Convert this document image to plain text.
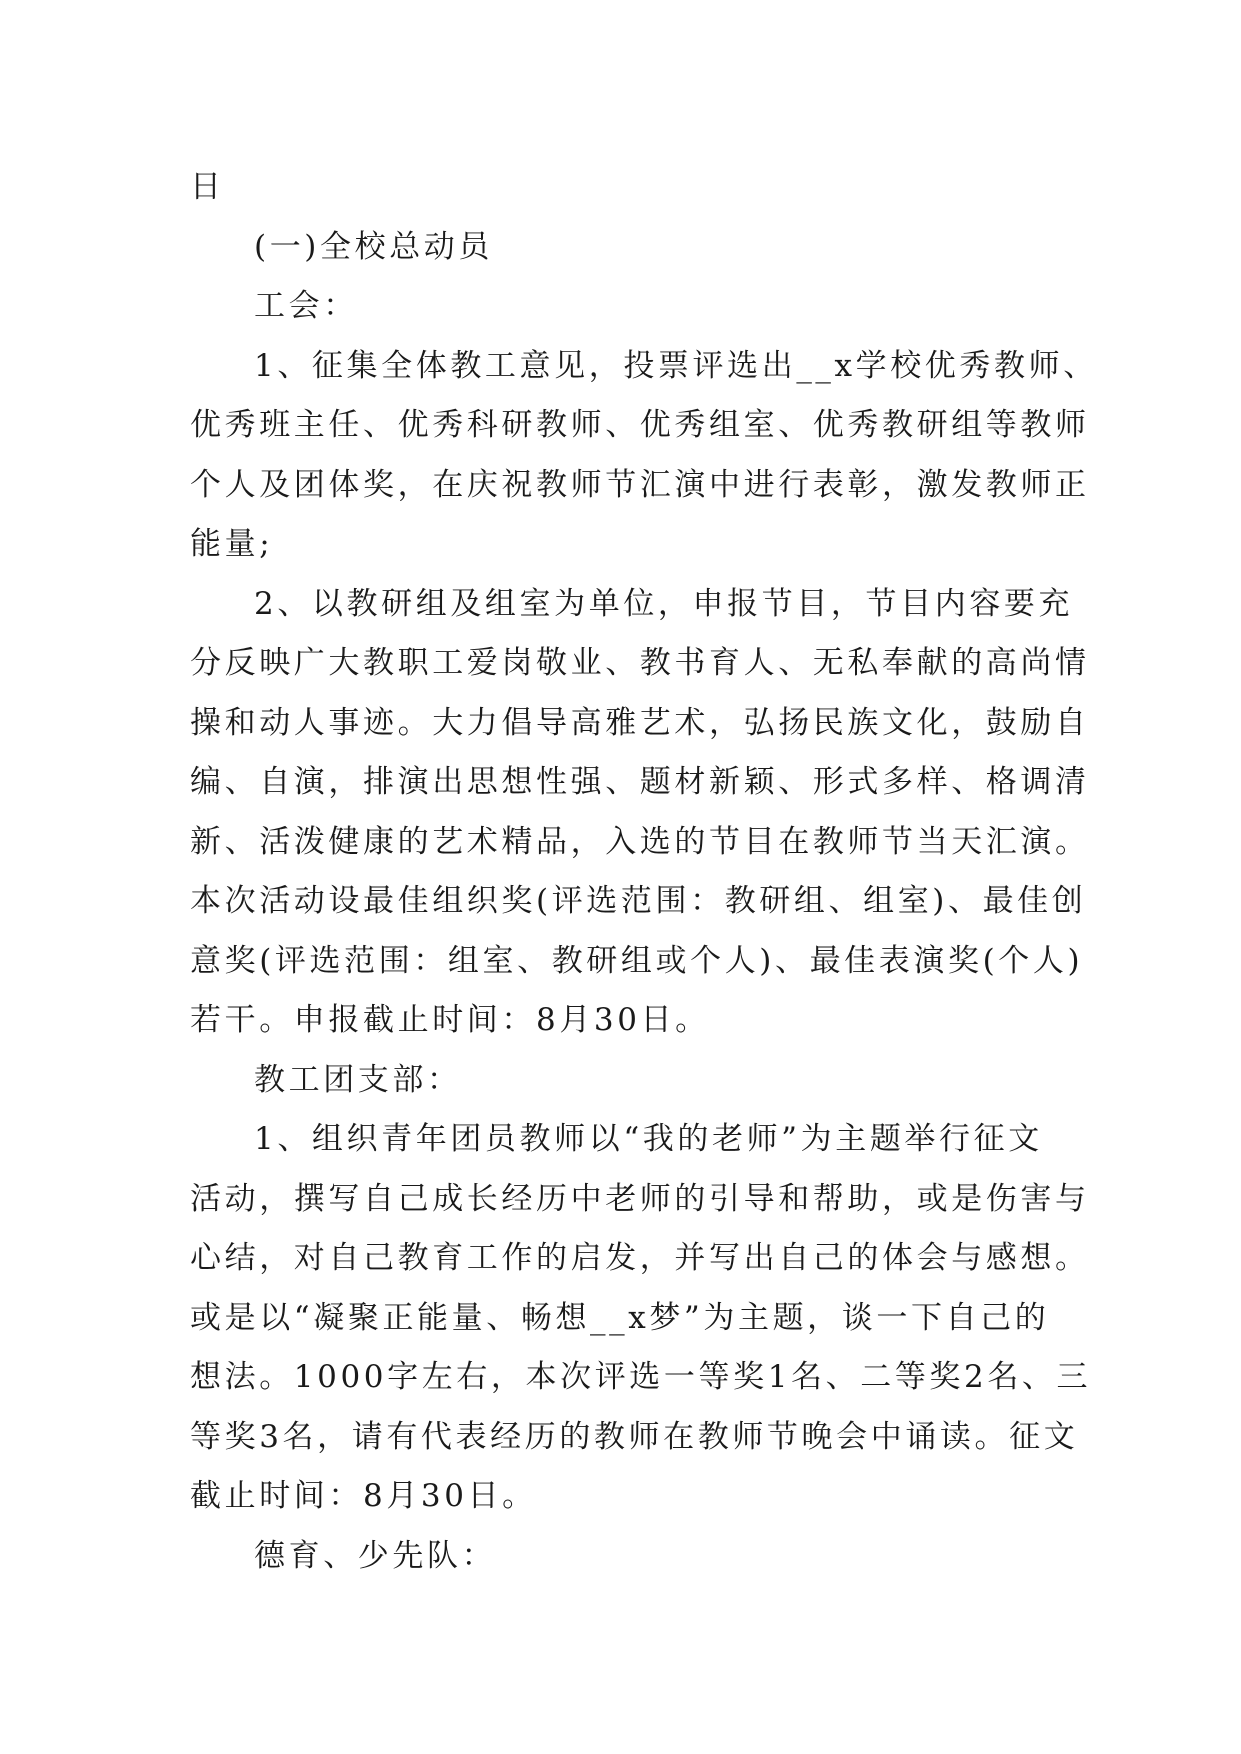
日
(一)全校总动员
工会：
1、征集全体教工意见，投票评选出__x学校优秀教师、
优秀班主任、优秀科研教师、优秀组室、优秀教研组等教师
个人及团体奖，在庆祝教师节汇演中进行表彰，激发教师正
能量;
2、以教研组及组室为单位，申报节目，节目内容要充
分反映广大教职工爱岗敬业、教书育人、无私奉献的高尚情
操和动人事迹。大力倡导高雅艺术，弘扬民族文化，鼓励自
编、自演，排演出思想性强、题材新颖、形式多样、格调清
新、活泼健康的艺术精品，入选的节目在教师节当天汇演。
本次活动设最佳组织奖(评选范围：教研组、组室)、最佳创
意奖(评选范围：组室、教研组或个人)、最佳表演奖(个人)
若干。申报截止时间：8月30日。
教工团支部：
1、组织青年团员教师以“我的老师”为主题举行征文
活动，撰写自己成长经历中老师的引导和帮助，或是伤害与
心结，对自己教育工作的启发，并写出自己的体会与感想。
或是以“凝聚正能量、畅想__x梦”为主题，谈一下自己的
想法。1000字左右，本次评选一等奖1名、二等奖2名、三
等奖3名，请有代表经历的教师在教师节晚会中诵读。征文
截止时间：8月30日。
德育、少先队：
